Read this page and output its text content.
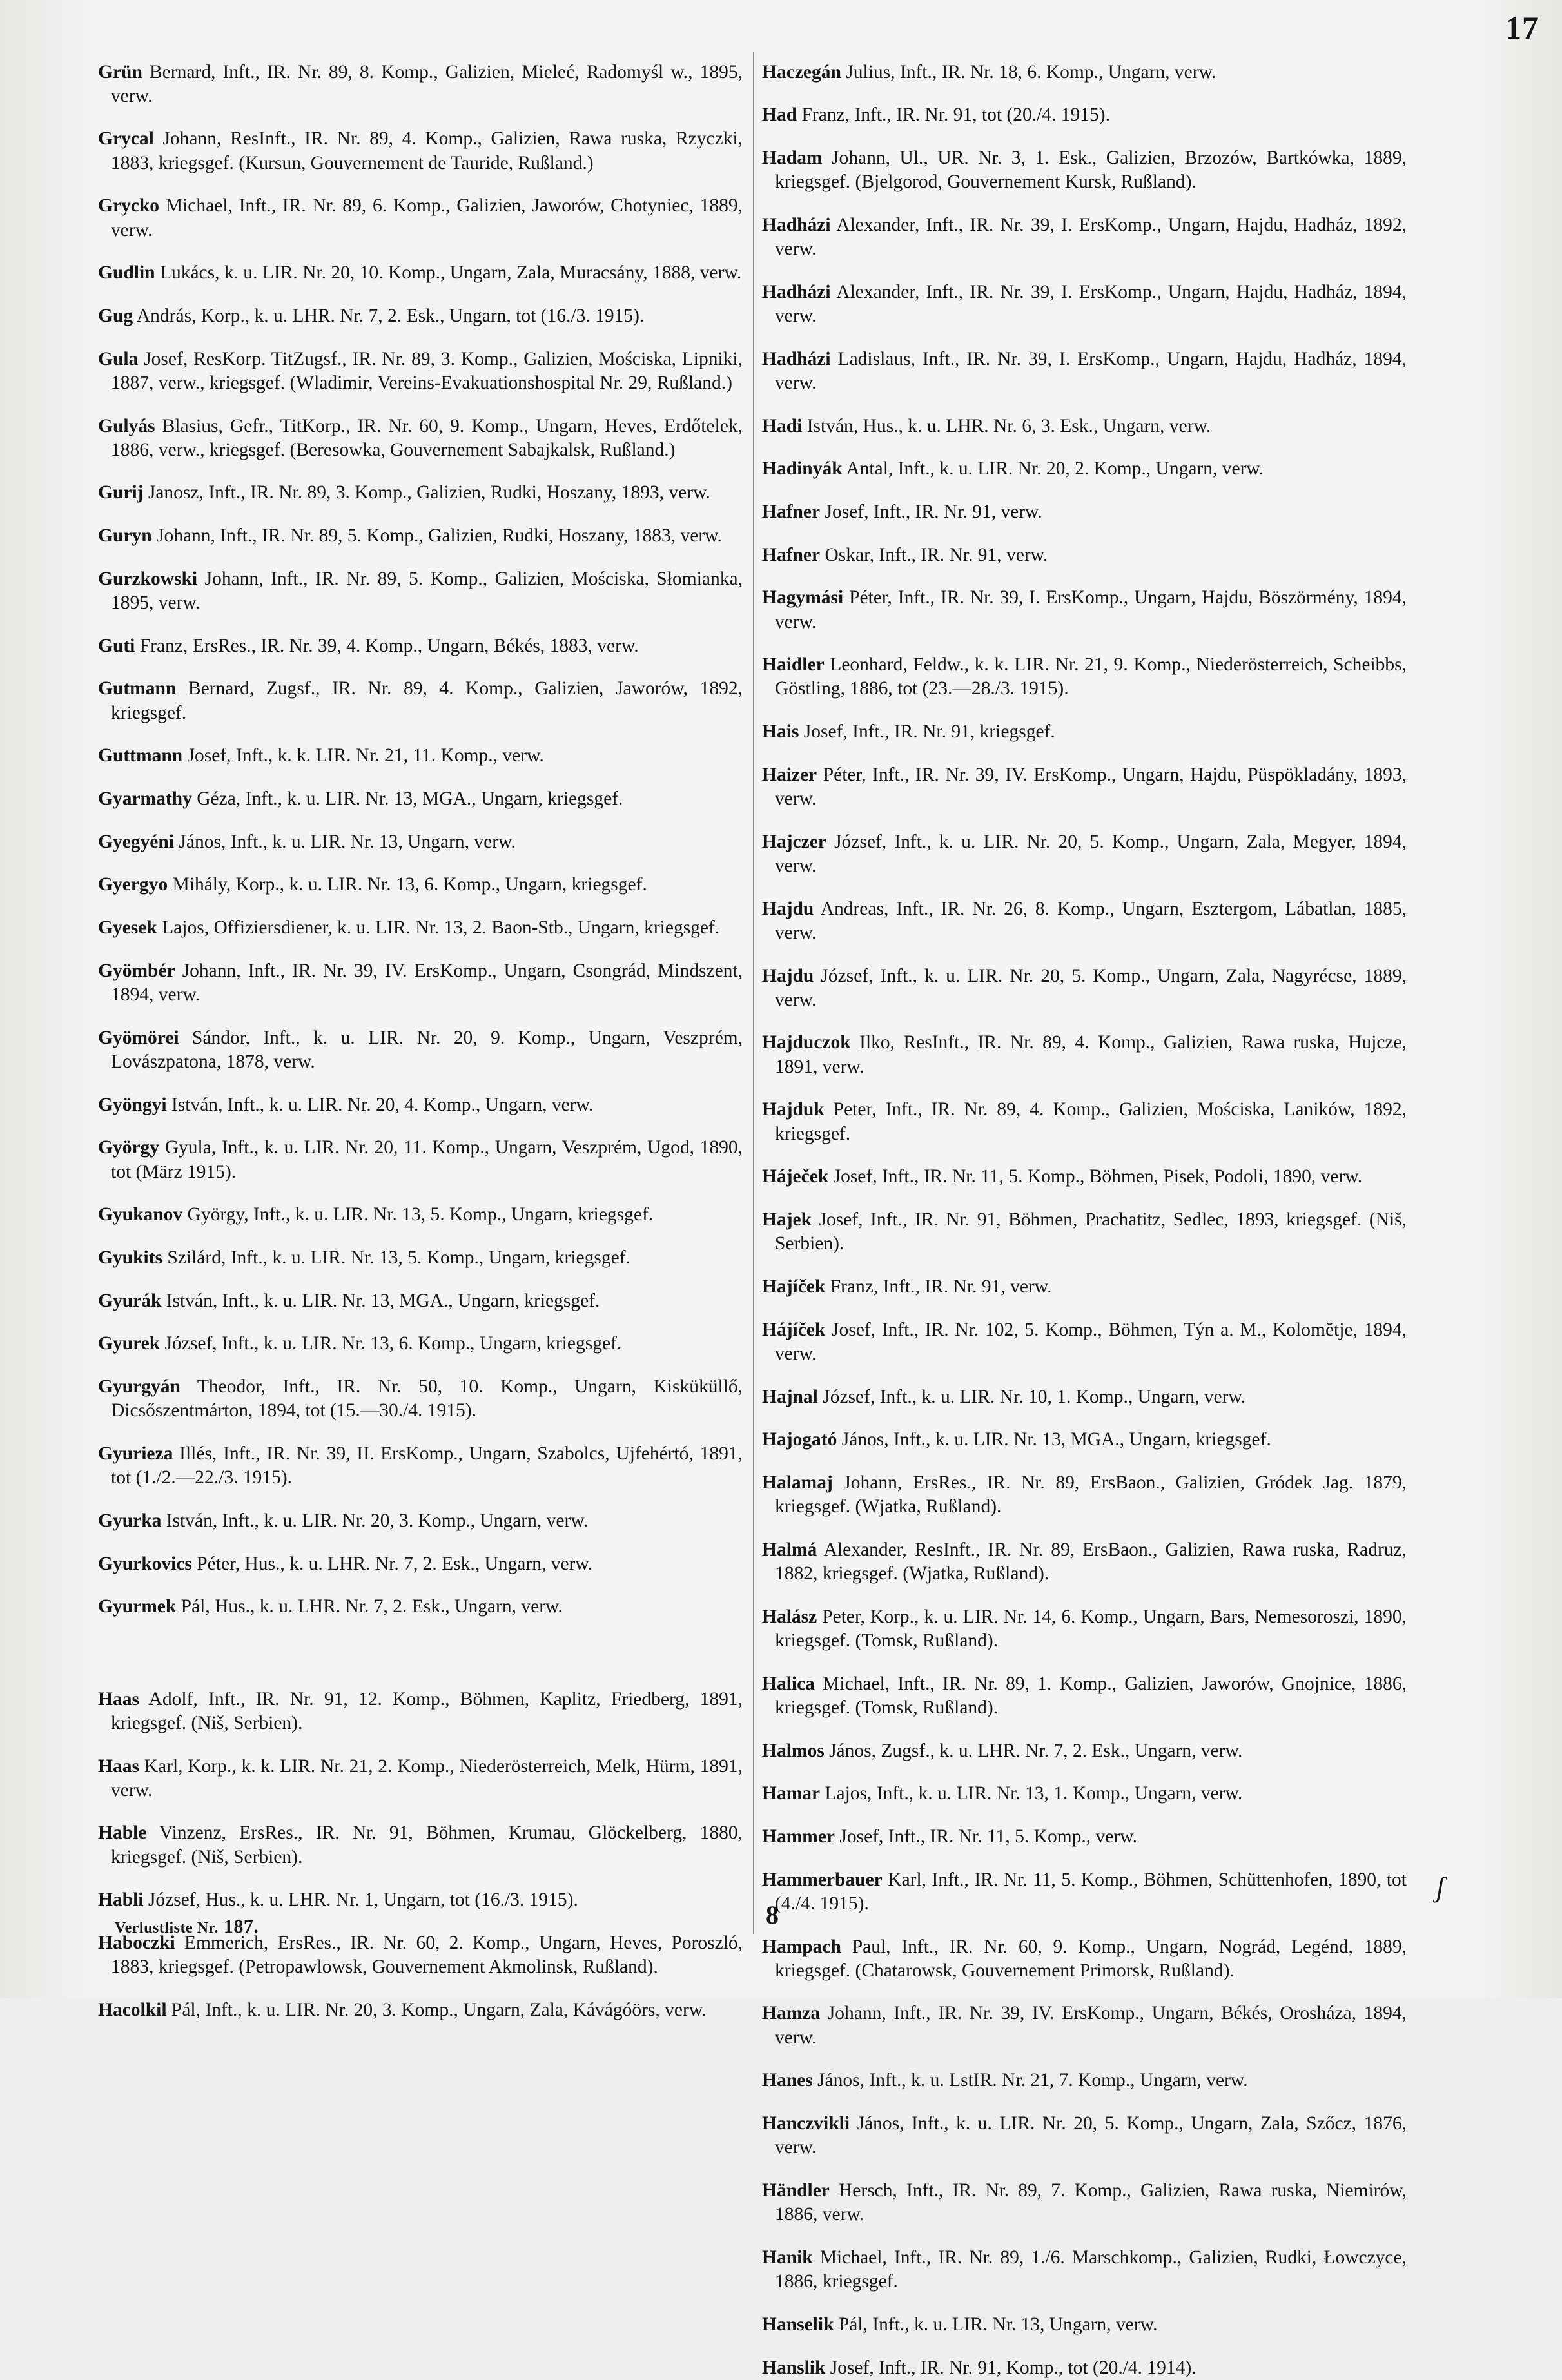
17

Grün Bernard, Inft., IR. Nr. 89, 8. Komp., Galizien, Mieleć, Radomyśl w., 1895, verw.

Grycal Johann, ResInft., IR. Nr. 89, 4. Komp., Galizien, Rawa ruska, Rzyczki, 1883, kriegsgef. (Kursun, Gouvernement de Tauride, Rußland.)

Grycko Michael, Inft., IR. Nr. 89, 6. Komp., Galizien, Jaworów, Chotyniec, 1889, verw.

Gudlin Lukács, k. u. LIR. Nr. 20, 10. Komp., Ungarn, Zala, Muracsány, 1888, verw.

Gug András, Korp., k. u. LHR. Nr. 7, 2. Esk., Ungarn, tot (16./3. 1915).

Gula Josef, ResKorp. TitZugsf., IR. Nr. 89, 3. Komp., Galizien, Mościska, Lipniki, 1887, verw., kriegsgef. (Wladimir, Vereins-Evakuationshospital Nr. 29, Rußland.)

Gulyás Blasius, Gefr., TitKorp., IR. Nr. 60, 9. Komp., Ungarn, Heves, Erdőtelek, 1886, verw., kriegsgef. (Beresowka, Gouvernement Sabajkalsk, Rußland.)

Gurij Janosz, Inft., IR. Nr. 89, 3. Komp., Galizien, Rudki, Hoszany, 1893, verw.

Guryn Johann, Inft., IR. Nr. 89, 5. Komp., Galizien, Rudki, Hoszany, 1883, verw.

Gurzkowski Johann, Inft., IR. Nr. 89, 5. Komp., Galizien, Mościska, Słomianka, 1895, verw.

Guti Franz, ErsRes., IR. Nr. 39, 4. Komp., Ungarn, Békés, 1883, verw.

Gutmann Bernard, Zugsf., IR. Nr. 89, 4. Komp., Galizien, Jaworów, 1892, kriegsgef.

Guttmann Josef, Inft., k. k. LIR. Nr. 21, 11. Komp., verw.

Gyarmathy Géza, Inft., k. u. LIR. Nr. 13, MGA., Ungarn, kriegsgef.

Gyegyéni János, Inft., k. u. LIR. Nr. 13, Ungarn, verw.

Gyergyo Mihály, Korp., k. u. LIR. Nr. 13, 6. Komp., Ungarn, kriegsgef.

Gyesek Lajos, Offiziersdiener, k. u. LIR. Nr. 13, 2. Baon-Stb., Ungarn, kriegsgef.

Gyömbér Johann, Inft., IR. Nr. 39, IV. ErsKomp., Ungarn, Csongrád, Mindszent, 1894, verw.

Gyömörei Sándor, Inft., k. u. LIR. Nr. 20, 9. Komp., Ungarn, Veszprém, Lovászpatona, 1878, verw.

Gyöngyi István, Inft., k. u. LIR. Nr. 20, 4. Komp., Ungarn, verw.

György Gyula, Inft., k. u. LIR. Nr. 20, 11. Komp., Ungarn, Veszprém, Ugod, 1890, tot (März 1915).

Gyukanov György, Inft., k. u. LIR. Nr. 13, 5. Komp., Ungarn, kriegsgef.

Gyukits Szilárd, Inft., k. u. LIR. Nr. 13, 5. Komp., Ungarn, kriegsgef.

Gyurák István, Inft., k. u. LIR. Nr. 13, MGA., Ungarn, kriegsgef.

Gyurek József, Inft., k. u. LIR. Nr. 13, 6. Komp., Ungarn, kriegsgef.

Gyurgyán Theodor, Inft., IR. Nr. 50, 10. Komp., Ungarn, Kisküküllő, Dicsőszentmárton, 1894, tot (15.—30./4. 1915).

Gyurieza Illés, Inft., IR. Nr. 39, II. ErsKomp., Ungarn, Szabolcs, Ujfehértó, 1891, tot (1./2.—22./3. 1915).

Gyurka István, Inft., k. u. LIR. Nr. 20, 3. Komp., Ungarn, verw.

Gyurkovics Péter, Hus., k. u. LHR. Nr. 7, 2. Esk., Ungarn, verw.

Gyurmek Pál, Hus., k. u. LHR. Nr. 7, 2. Esk., Ungarn, verw.

Haas Adolf, Inft., IR. Nr. 91, 12. Komp., Böhmen, Kaplitz, Friedberg, 1891, kriegsgef. (Niš, Serbien).

Haas Karl, Korp., k. k. LIR. Nr. 21, 2. Komp., Niederösterreich, Melk, Hürm, 1891, verw.

Hable Vinzenz, ErsRes., IR. Nr. 91, Böhmen, Krumau, Glöckelberg, 1880, kriegsgef. (Niš, Serbien).

Habli József, Hus., k. u. LHR. Nr. 1, Ungarn, tot (16./3. 1915).

Haboczki Emmerich, ErsRes., IR. Nr. 60, 2. Komp., Ungarn, Heves, Poroszló, 1883, kriegsgef. (Petropawlowsk, Gouvernement Akmolinsk, Rußland).

Hacolkil Pál, Inft., k. u. LIR. Nr. 20, 3. Komp., Ungarn, Zala, Kávágóörs, verw.

Haczegán Julius, Inft., IR. Nr. 18, 6. Komp., Ungarn, verw.

Had Franz, Inft., IR. Nr. 91, tot (20./4. 1915).

Hadam Johann, Ul., UR. Nr. 3, 1. Esk., Galizien, Brzozów, Bartkówka, 1889, kriegsgef. (Bjelgorod, Gouvernement Kursk, Rußland).

Hadházi Alexander, Inft., IR. Nr. 39, I. ErsKomp., Ungarn, Hajdu, Hadház, 1892, verw.

Hadházi Alexander, Inft., IR. Nr. 39, I. ErsKomp., Ungarn, Hajdu, Hadház, 1894, verw.

Hadházi Ladislaus, Inft., IR. Nr. 39, I. ErsKomp., Ungarn, Hajdu, Hadház, 1894, verw.

Hadi István, Hus., k. u. LHR. Nr. 6, 3. Esk., Ungarn, verw.

Hadinyák Antal, Inft., k. u. LIR. Nr. 20, 2. Komp., Ungarn, verw.

Hafner Josef, Inft., IR. Nr. 91, verw.

Hafner Oskar, Inft., IR. Nr. 91, verw.

Hagymási Péter, Inft., IR. Nr. 39, I. ErsKomp., Ungarn, Hajdu, Böszörmény, 1894, verw.

Haidler Leonhard, Feldw., k. k. LIR. Nr. 21, 9. Komp., Niederösterreich, Scheibbs, Göstling, 1886, tot (23.—28./3. 1915).

Hais Josef, Inft., IR. Nr. 91, kriegsgef.

Haizer Péter, Inft., IR. Nr. 39, IV. ErsKomp., Ungarn, Hajdu, Püspökladány, 1893, verw.

Hajczer József, Inft., k. u. LIR. Nr. 20, 5. Komp., Ungarn, Zala, Megyer, 1894, verw.

Hajdu Andreas, Inft., IR. Nr. 26, 8. Komp., Ungarn, Esztergom, Lábatlan, 1885, verw.

Hajdu József, Inft., k. u. LIR. Nr. 20, 5. Komp., Ungarn, Zala, Nagyrécse, 1889, verw.

Hajduczok Ilko, ResInft., IR. Nr. 89, 4. Komp., Galizien, Rawa ruska, Hujcze, 1891, verw.

Hajduk Peter, Inft., IR. Nr. 89, 4. Komp., Galizien, Mościska, Laników, 1892, kriegsgef.

Háječek Josef, Inft., IR. Nr. 11, 5. Komp., Böhmen, Pisek, Podoli, 1890, verw.

Hajek Josef, Inft., IR. Nr. 91, Böhmen, Prachatitz, Sedlec, 1893, kriegsgef. (Niš, Serbien).

Hajíček Franz, Inft., IR. Nr. 91, verw.

Hájíček Josef, Inft., IR. Nr. 102, 5. Komp., Böhmen, Týn a. M., Kolomĕtje, 1894, verw.

Hajnal József, Inft., k. u. LIR. Nr. 10, 1. Komp., Ungarn, verw.

Hajogató János, Inft., k. u. LIR. Nr. 13, MGA., Ungarn, kriegsgef.

Halamaj Johann, ErsRes., IR. Nr. 89, ErsBaon., Galizien, Gródek Jag. 1879, kriegsgef. (Wjatka, Rußland).

Halmá Alexander, ResInft., IR. Nr. 89, ErsBaon., Galizien, Rawa ruska, Radruz, 1882, kriegsgef. (Wjatka, Rußland).

Halász Peter, Korp., k. u. LIR. Nr. 14, 6. Komp., Ungarn, Bars, Nemesoroszi, 1890, kriegsgef. (Tomsk, Rußland).

Halica Michael, Inft., IR. Nr. 89, 1. Komp., Galizien, Jaworów, Gnojnice, 1886, kriegsgef. (Tomsk, Rußland).

Halmos János, Zugsf., k. u. LHR. Nr. 7, 2. Esk., Ungarn, verw.

Hamar Lajos, Inft., k. u. LIR. Nr. 13, 1. Komp., Ungarn, verw.

Hammer Josef, Inft., IR. Nr. 11, 5. Komp., verw.

Hammerbauer Karl, Inft., IR. Nr. 11, 5. Komp., Böhmen, Schüttenhofen, 1890, tot (4./4. 1915).

Hampach Paul, Inft., IR. Nr. 60, 9. Komp., Ungarn, Nográd, Legénd, 1889, kriegsgef. (Chatarowsk, Gouvernement Primorsk, Rußland).

Hamza Johann, Inft., IR. Nr. 39, IV. ErsKomp., Ungarn, Békés, Orosháza, 1894, verw.

Hanes János, Inft., k. u. LstIR. Nr. 21, 7. Komp., Ungarn, verw.

Hanczvikli János, Inft., k. u. LIR. Nr. 20, 5. Komp., Ungarn, Zala, Szőcz, 1876, verw.

Händler Hersch, Inft., IR. Nr. 89, 7. Komp., Galizien, Rawa ruska, Niemirów, 1886, verw.

Hanik Michael, Inft., IR. Nr. 89, 1./6. Marschkomp., Galizien, Rudki, Łowczyce, 1886, kriegsgef.

Hanselik Pál, Inft., k. u. LIR. Nr. 13, Ungarn, verw.

Hanslik Josef, Inft., IR. Nr. 91, Komp., tot (20./4. 1914).

Verlustliste Nr. 187.	8
ʃ
